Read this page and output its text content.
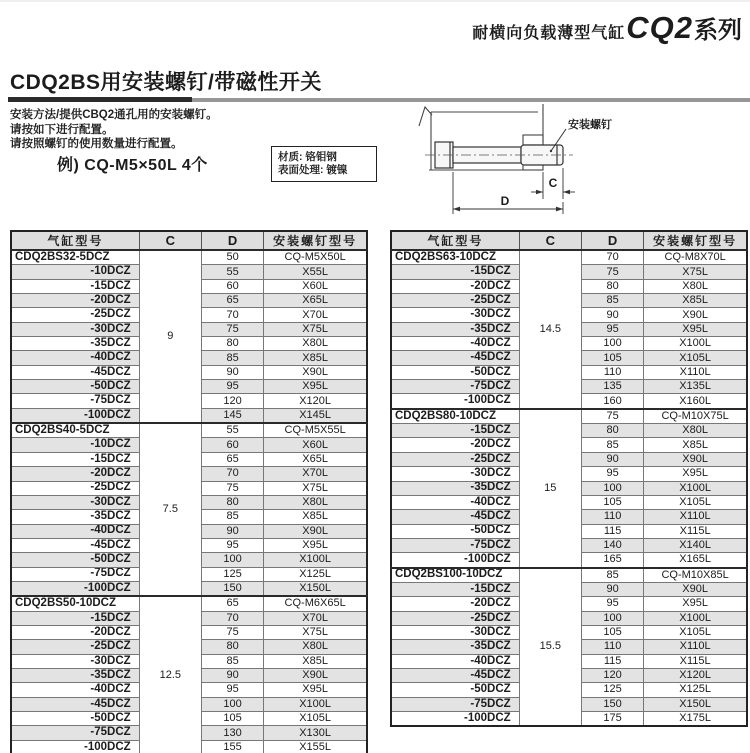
耐横向负载薄型气缸 CQ2 系列
CDQ2BS用安装螺钉/带磁性开关
安装方法/提供CBQ2通孔用的安装螺钉。
请按如下进行配置。
请按照螺钉的使用数量进行配置。
例) CQ-M5×50L 4个	材质: 铬钼钢
表面处理: 镀镍
安装螺钉
C
D
气缸型号	C	D	安装螺钉型号
CDQ2BS32-5DCZ	9	50	CQ-M5X50L
-10DCZ		55	X55L
-15DCZ		60	X60L
-20DCZ		65	X65L
-25DCZ		70	X70L
-30DCZ		75	X75L
-35DCZ		80	X80L
-40DCZ		85	X85L
-45DCZ		90	X90L
-50DCZ		95	X95L
-75DCZ		120	X120L
-100DCZ		145	X145L
CDQ2BS40-5DCZ	7.5	55	CQ-M5X55L
-10DCZ		60	X60L
-15DCZ		65	X65L
-20DCZ		70	X70L
-25DCZ		75	X75L
-30DCZ		80	X80L
-35DCZ		85	X85L
-40DCZ		90	X90L
-45DCZ		95	X95L
-50DCZ		100	X100L
-75DCZ		125	X125L
-100DCZ		150	X150L
CDQ2BS50-10DCZ	12.5	65	CQ-M6X65L
-15DCZ		70	X70L
-20DCZ		75	X75L
-25DCZ		80	X80L
-30DCZ		85	X85L
-35DCZ		90	X90L
-40DCZ		95	X95L
-45DCZ		100	X100L
-50DCZ		105	X105L
-75DCZ		130	X130L
-100DCZ		155	X155L
气缸型号	C	D	安装螺钉型号
CDQ2BS63-10DCZ	14.5	70	CQ-M8X70L
-15DCZ		75	X75L
-20DCZ		80	X80L
-25DCZ		85	X85L
-30DCZ		90	X90L
-35DCZ		95	X95L
-40DCZ		100	X100L
-45DCZ		105	X105L
-50DCZ		110	X110L
-75DCZ		135	X135L
-100DCZ		160	X160L
CDQ2BS80-10DCZ	15	75	CQ-M10X75L
-15DCZ		80	X80L
-20DCZ		85	X85L
-25DCZ		90	X90L
-30DCZ		95	X95L
-35DCZ		100	X100L
-40DCZ		105	X105L
-45DCZ		110	X110L
-50DCZ		115	X115L
-75DCZ		140	X140L
-100DCZ		165	X165L
CDQ2BS100-10DCZ	15.5	85	CQ-M10X85L
-15DCZ		90	X90L
-20DCZ		95	X95L
-25DCZ		100	X100L
-30DCZ		105	X105L
-35DCZ		110	X110L
-40DCZ		115	X115L
-45DCZ		120	X120L
-50DCZ		125	X125L
-75DCZ		150	X150L
-100DCZ		175	X175L
